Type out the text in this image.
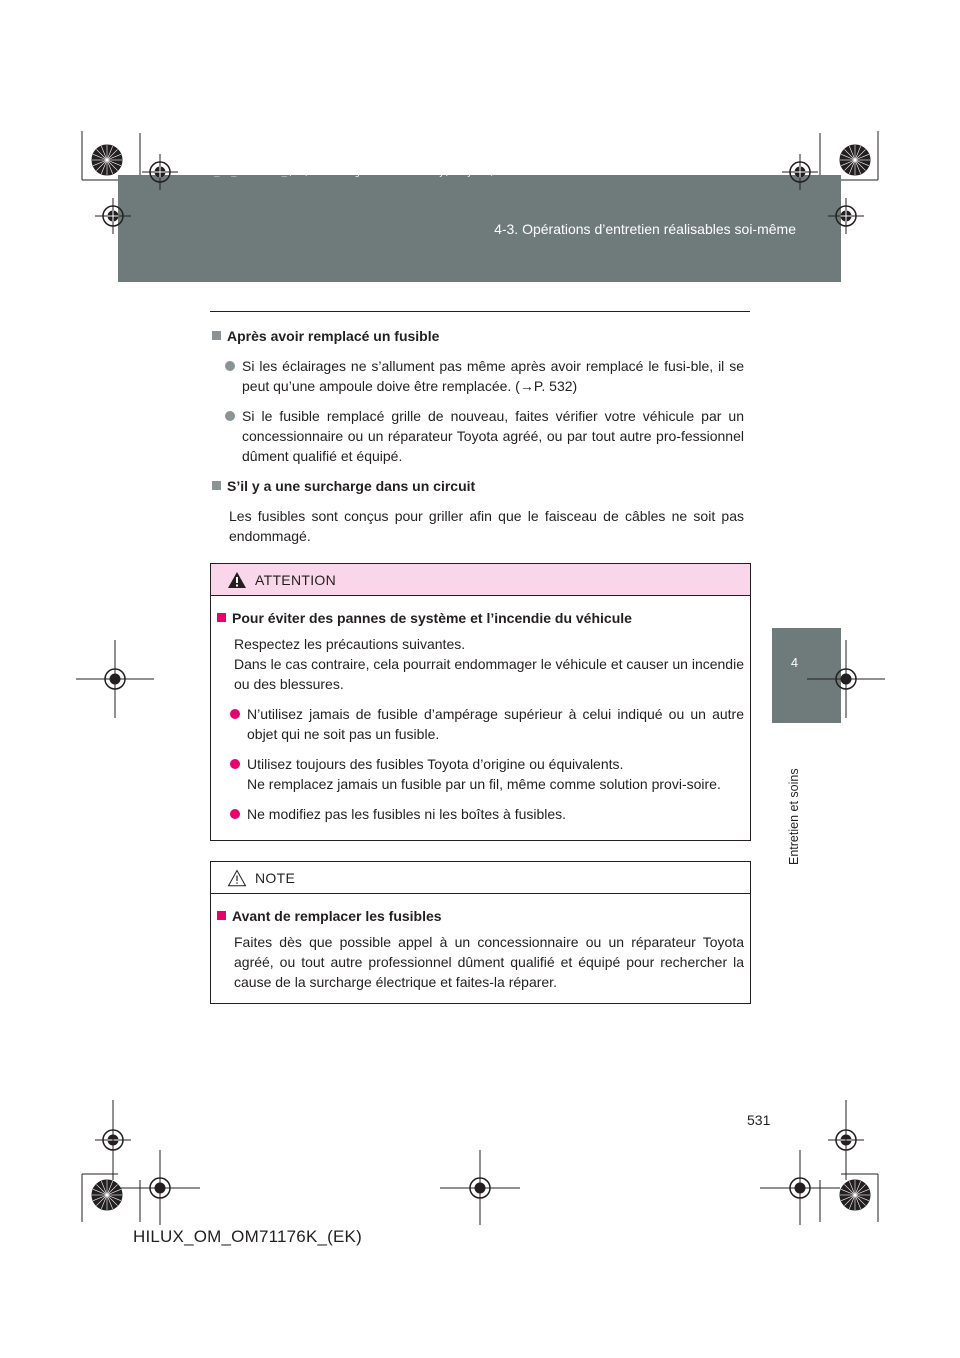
HILUX_OM_OM71176K_(EK).book Page 531 Wednesday, May 16, 2012 2:32 PM
4-3. Opérations d’entretien réalisables soi-même
4
Entretien et soins
Après avoir remplacé un fusible
Si les éclairages ne s’allument pas même après avoir remplacé le fusi-ble, il se peut qu’une ampoule doive être remplacée. (→P. 532)
Si le fusible remplacé grille de nouveau, faites vérifier votre véhicule par un concessionnaire ou un réparateur Toyota agréé, ou par tout autre pro-fessionnel dûment qualifié et équipé.
S’il y a une surcharge dans un circuit
Les fusibles sont conçus pour griller afin que le faisceau de câbles ne soit pas endommagé.
ATTENTION
Pour éviter des pannes de système et l’incendie du véhicule
Respectez les précautions suivantes.
Dans le cas contraire, cela pourrait endommager le véhicule et causer un incendie ou des blessures.
N’utilisez jamais de fusible d’ampérage supérieur à celui indiqué ou un autre objet qui ne soit pas un fusible.
Utilisez toujours des fusibles Toyota d’origine ou équivalents.
Ne remplacez jamais un fusible par un fil, même comme solution provi-soire.
Ne modifiez pas les fusibles ni les boîtes à fusibles.
NOTE
Avant de remplacer les fusibles
Faites dès que possible appel à un concessionnaire ou un réparateur Toyota agréé, ou tout autre professionnel dûment qualifié et équipé pour rechercher la cause de la surcharge électrique et faites-la réparer.
531
HILUX_OM_OM71176K_(EK)
